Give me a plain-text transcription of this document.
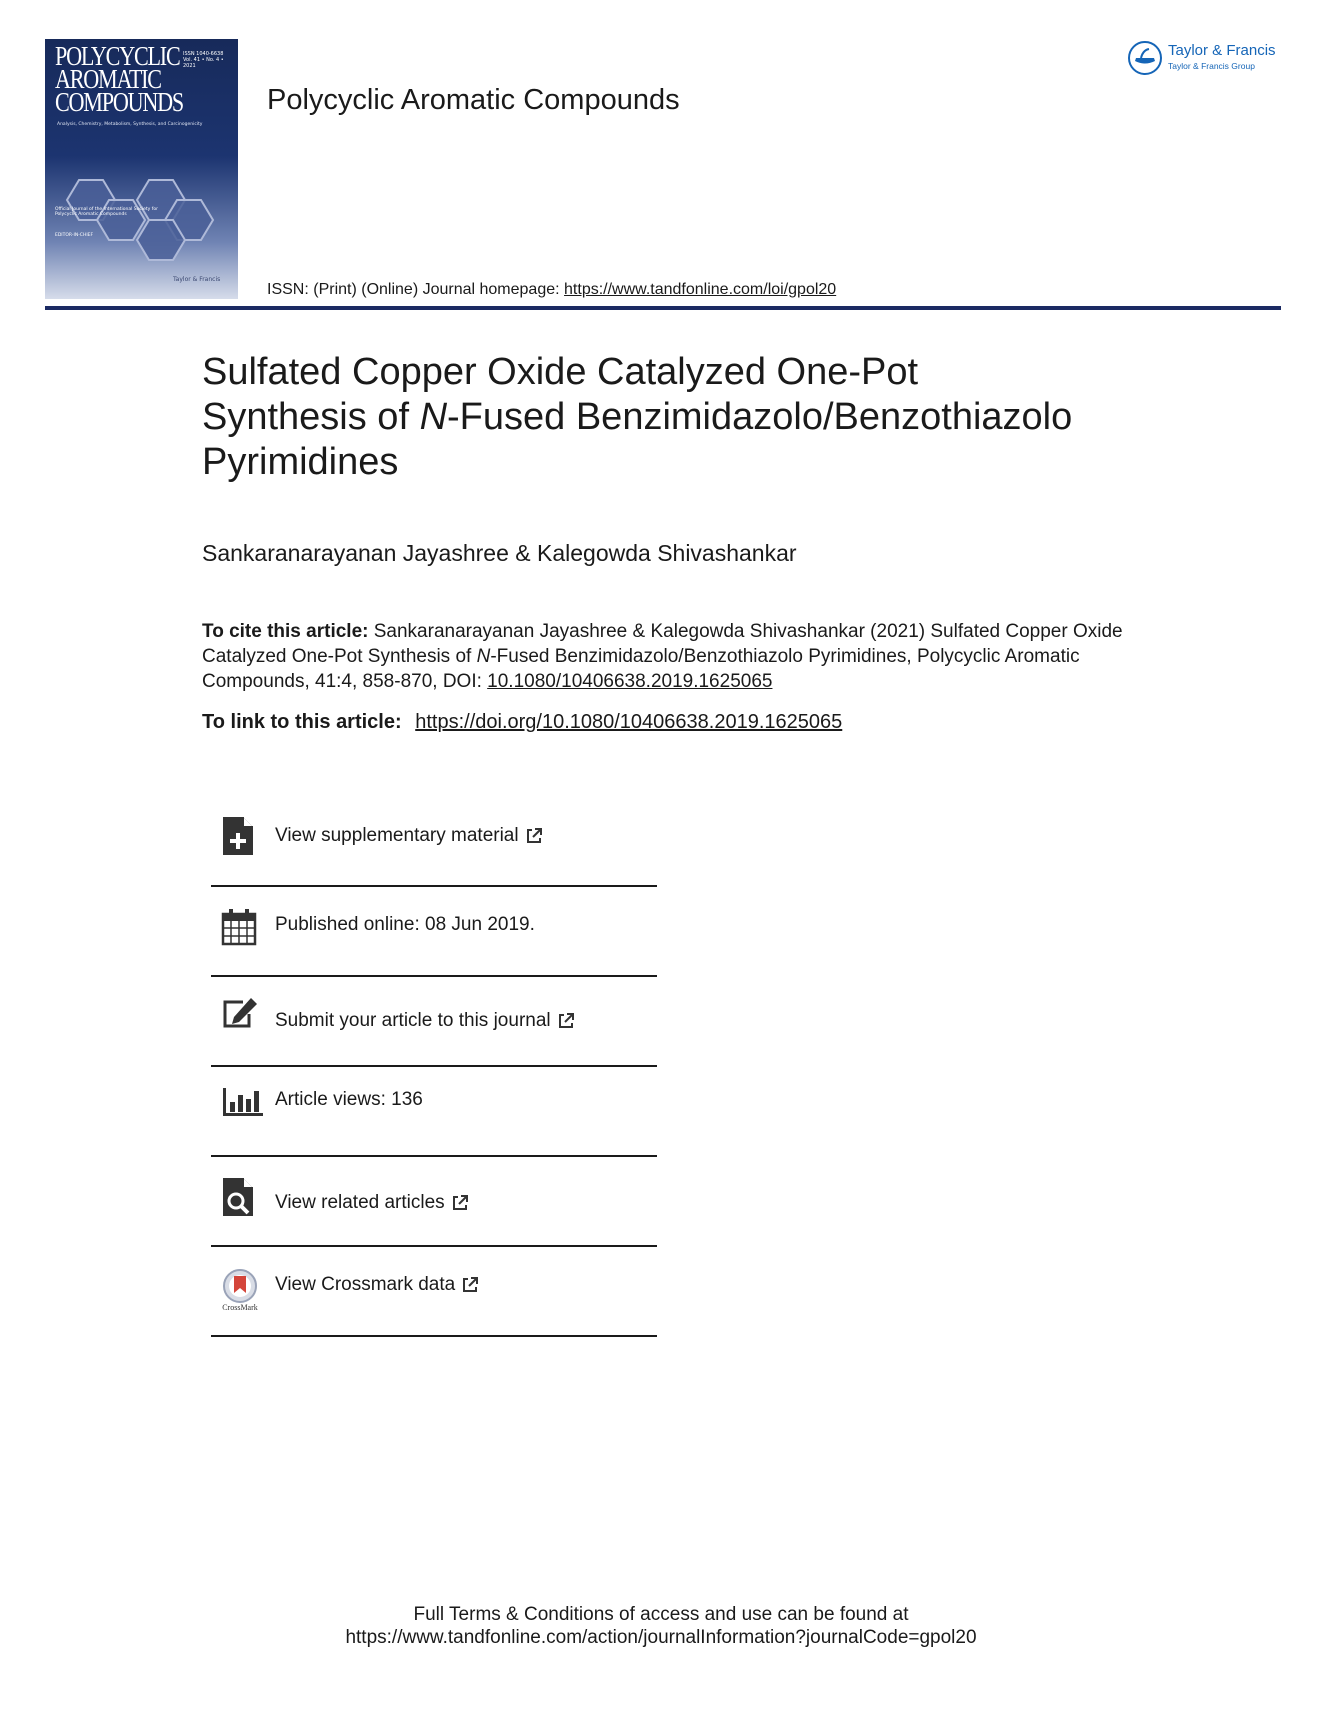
POLYCYCLIC
AROMATIC
COMPOUNDS
ISSN 1040-6638
Vol. 41 • No. 4 • 2021
Analysis, Chemistry, Metabolism, Synthesis, and Carcinogenicity
Official Journal of the International Society for Polycyclic Aromatic Compounds
EDITOR-IN-CHIEF
Taylor & Francis
Polycyclic Aromatic Compounds
Taylor & Francis
Taylor & Francis Group
ISSN: (Print) (Online) Journal homepage: https://www.tandfonline.com/loi/gpol20
Sulfated Copper Oxide Catalyzed One-Pot
Synthesis of N-Fused Benzimidazolo/Benzothiazolo
Pyrimidines
Sankaranarayanan Jayashree & Kalegowda Shivashankar
To cite this article: Sankaranarayanan Jayashree & Kalegowda Shivashankar (2021) Sulfated Copper Oxide Catalyzed One-Pot Synthesis of N-Fused Benzimidazolo/Benzothiazolo Pyrimidines, Polycyclic Aromatic Compounds, 41:4, 858-870, DOI: 10.1080/10406638.2019.1625065
To link to this article: https://doi.org/10.1080/10406638.2019.1625065
View supplementary material
Published online: 08 Jun 2019.
Submit your article to this journal
Article views: 136
View related articles
CrossMark
View Crossmark data
Full Terms & Conditions of access and use can be found at
https://www.tandfonline.com/action/journalInformation?journalCode=gpol20
